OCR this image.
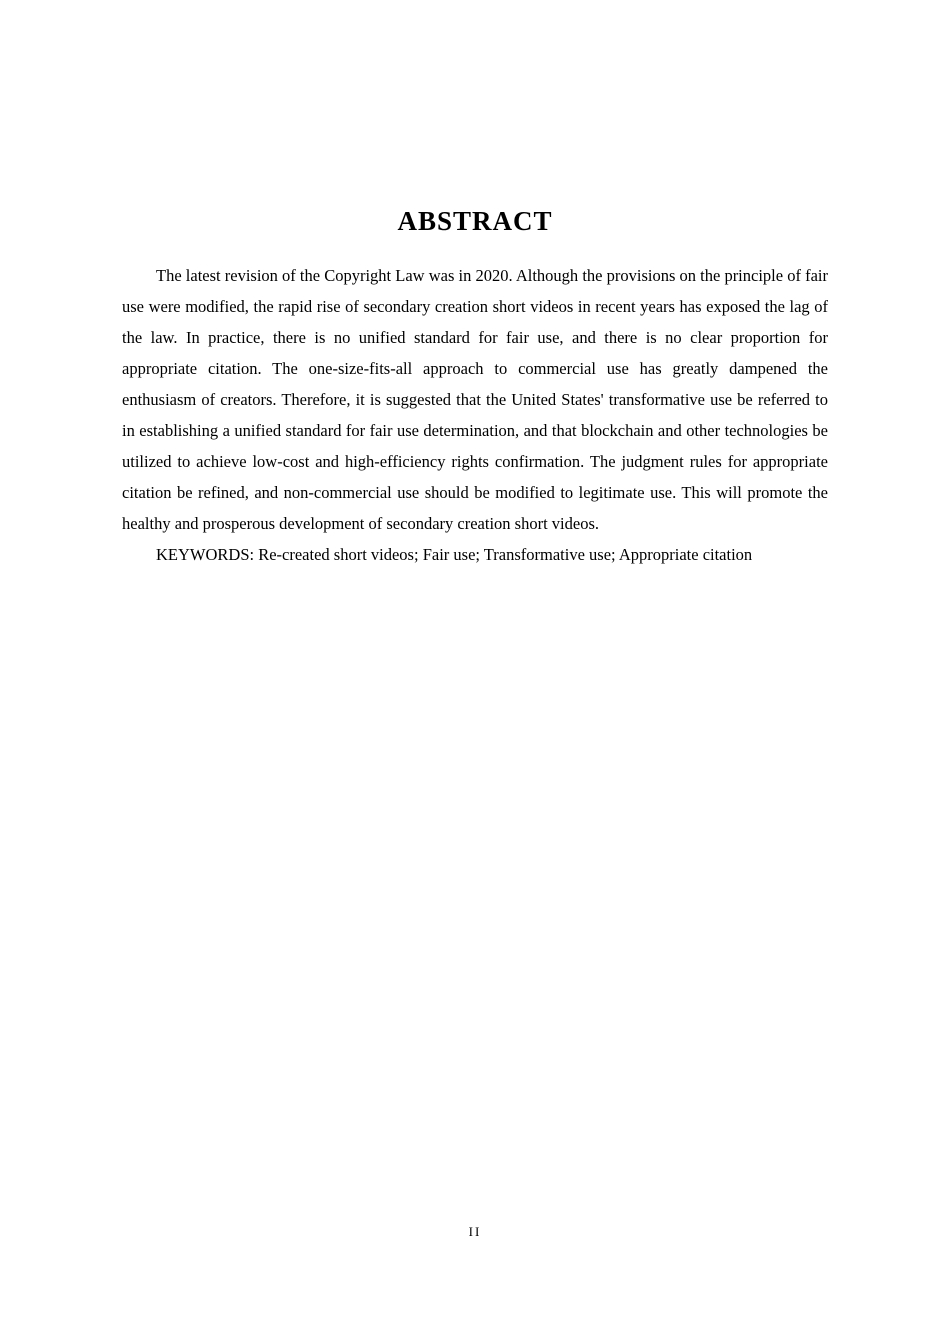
ABSTRACT

The latest revision of the Copyright Law was in 2020. Although the provisions on the principle of fair use were modified, the rapid rise of secondary creation short videos in recent years has exposed the lag of the law. In practice, there is no unified standard for fair use, and there is no clear proportion for appropriate citation. The one-size-fits-all approach to commercial use has greatly dampened the enthusiasm of creators. Therefore, it is suggested that the United States' transformative use be referred to in establishing a unified standard for fair use determination, and that blockchain and other technologies be utilized to achieve low-cost and high-efficiency rights confirmation. The judgment rules for appropriate citation be refined, and non-commercial use should be modified to legitimate use. This will promote the healthy and prosperous development of secondary creation short videos.

KEYWORDS: Re-created short videos; Fair use; Transformative use; Appropriate citation

II
